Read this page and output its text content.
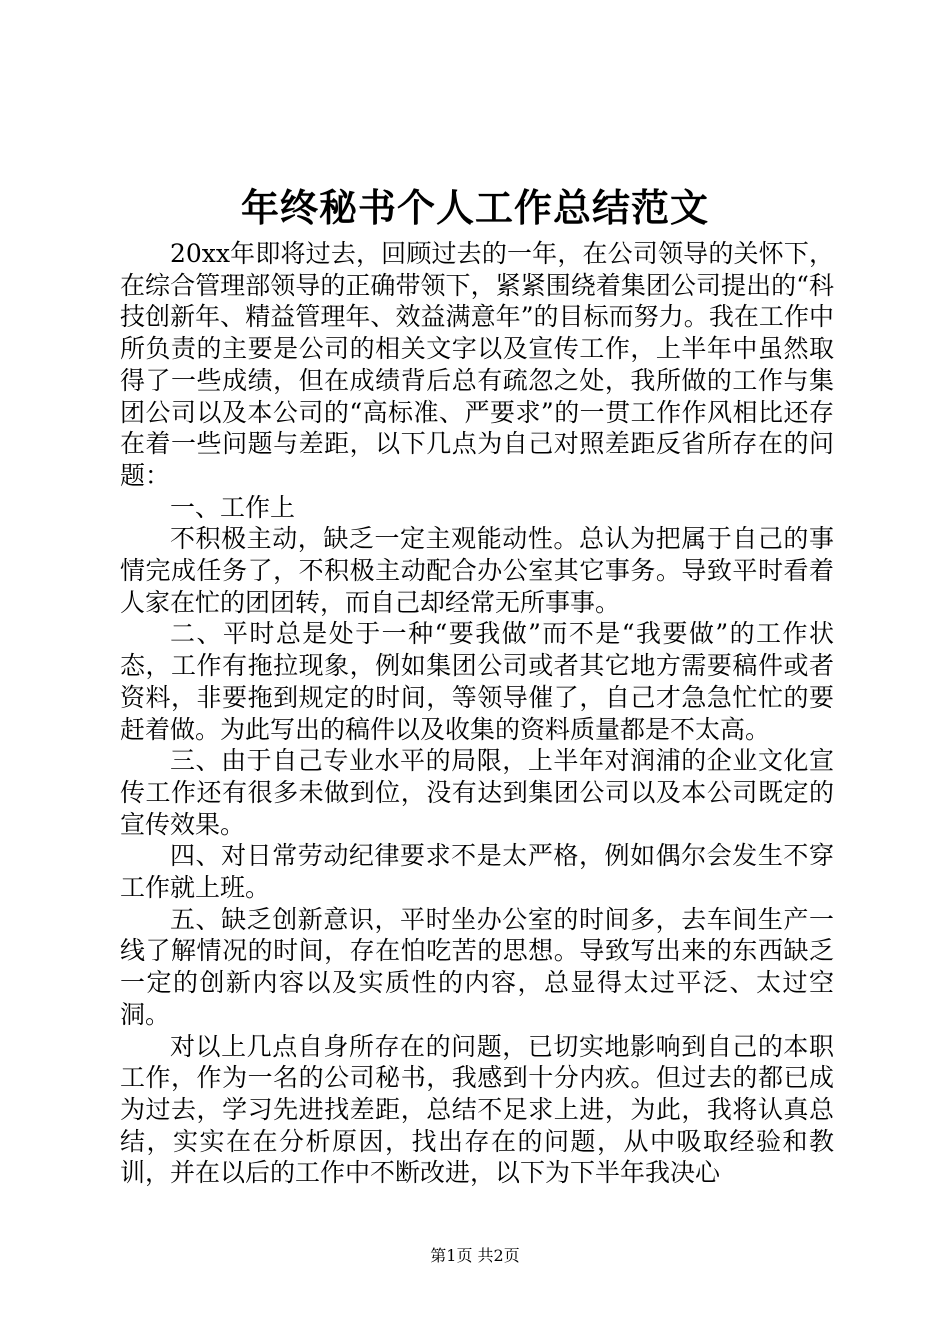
年终秘书个人工作总结范文

20xx年即将过去，回顾过去的一年，在公司领导的关怀下，在综合管理部领导的正确带领下，紧紧围绕着集团公司提出的“科技创新年、精益管理年、效益满意年”的目标而努力。我在工作中所负责的主要是公司的相关文字以及宣传工作，上半年中虽然取得了一些成绩，但在成绩背后总有疏忽之处，我所做的工作与集团公司以及本公司的“高标准、严要求”的一贯工作作风相比还存在着一些问题与差距，以下几点为自己对照差距反省所存在的问题：

一、工作上

不积极主动，缺乏一定主观能动性。总认为把属于自己的事情完成任务了，不积极主动配合办公室其它事务。导致平时看着人家在忙的团团转，而自己却经常无所事事。

二、平时总是处于一种“要我做”而不是“我要做”的工作状态，工作有拖拉现象，例如集团公司或者其它地方需要稿件或者资料，非要拖到规定的时间，等领导催了，自己才急急忙忙的要赶着做。为此写出的稿件以及收集的资料质量都是不太高。

三、由于自己专业水平的局限，上半年对润浦的企业文化宣传工作还有很多未做到位，没有达到集团公司以及本公司既定的宣传效果。

四、对日常劳动纪律要求不是太严格，例如偶尔会发生不穿工作就上班。

五、缺乏创新意识，平时坐办公室的时间多，去车间生产一线了解情况的时间，存在怕吃苦的思想。导致写出来的东西缺乏一定的创新内容以及实质性的内容，总显得太过平泛、太过空洞。

对以上几点自身所存在的问题，已切实地影响到自己的本职工作，作为一名的公司秘书，我感到十分内疚。但过去的都已成为过去，学习先进找差距，总结不足求上进，为此，我将认真总结，实实在在分析原因，找出存在的问题，从中吸取经验和教训，并在以后的工作中不断改进，以下为下半年我决心

第1页 共2页
